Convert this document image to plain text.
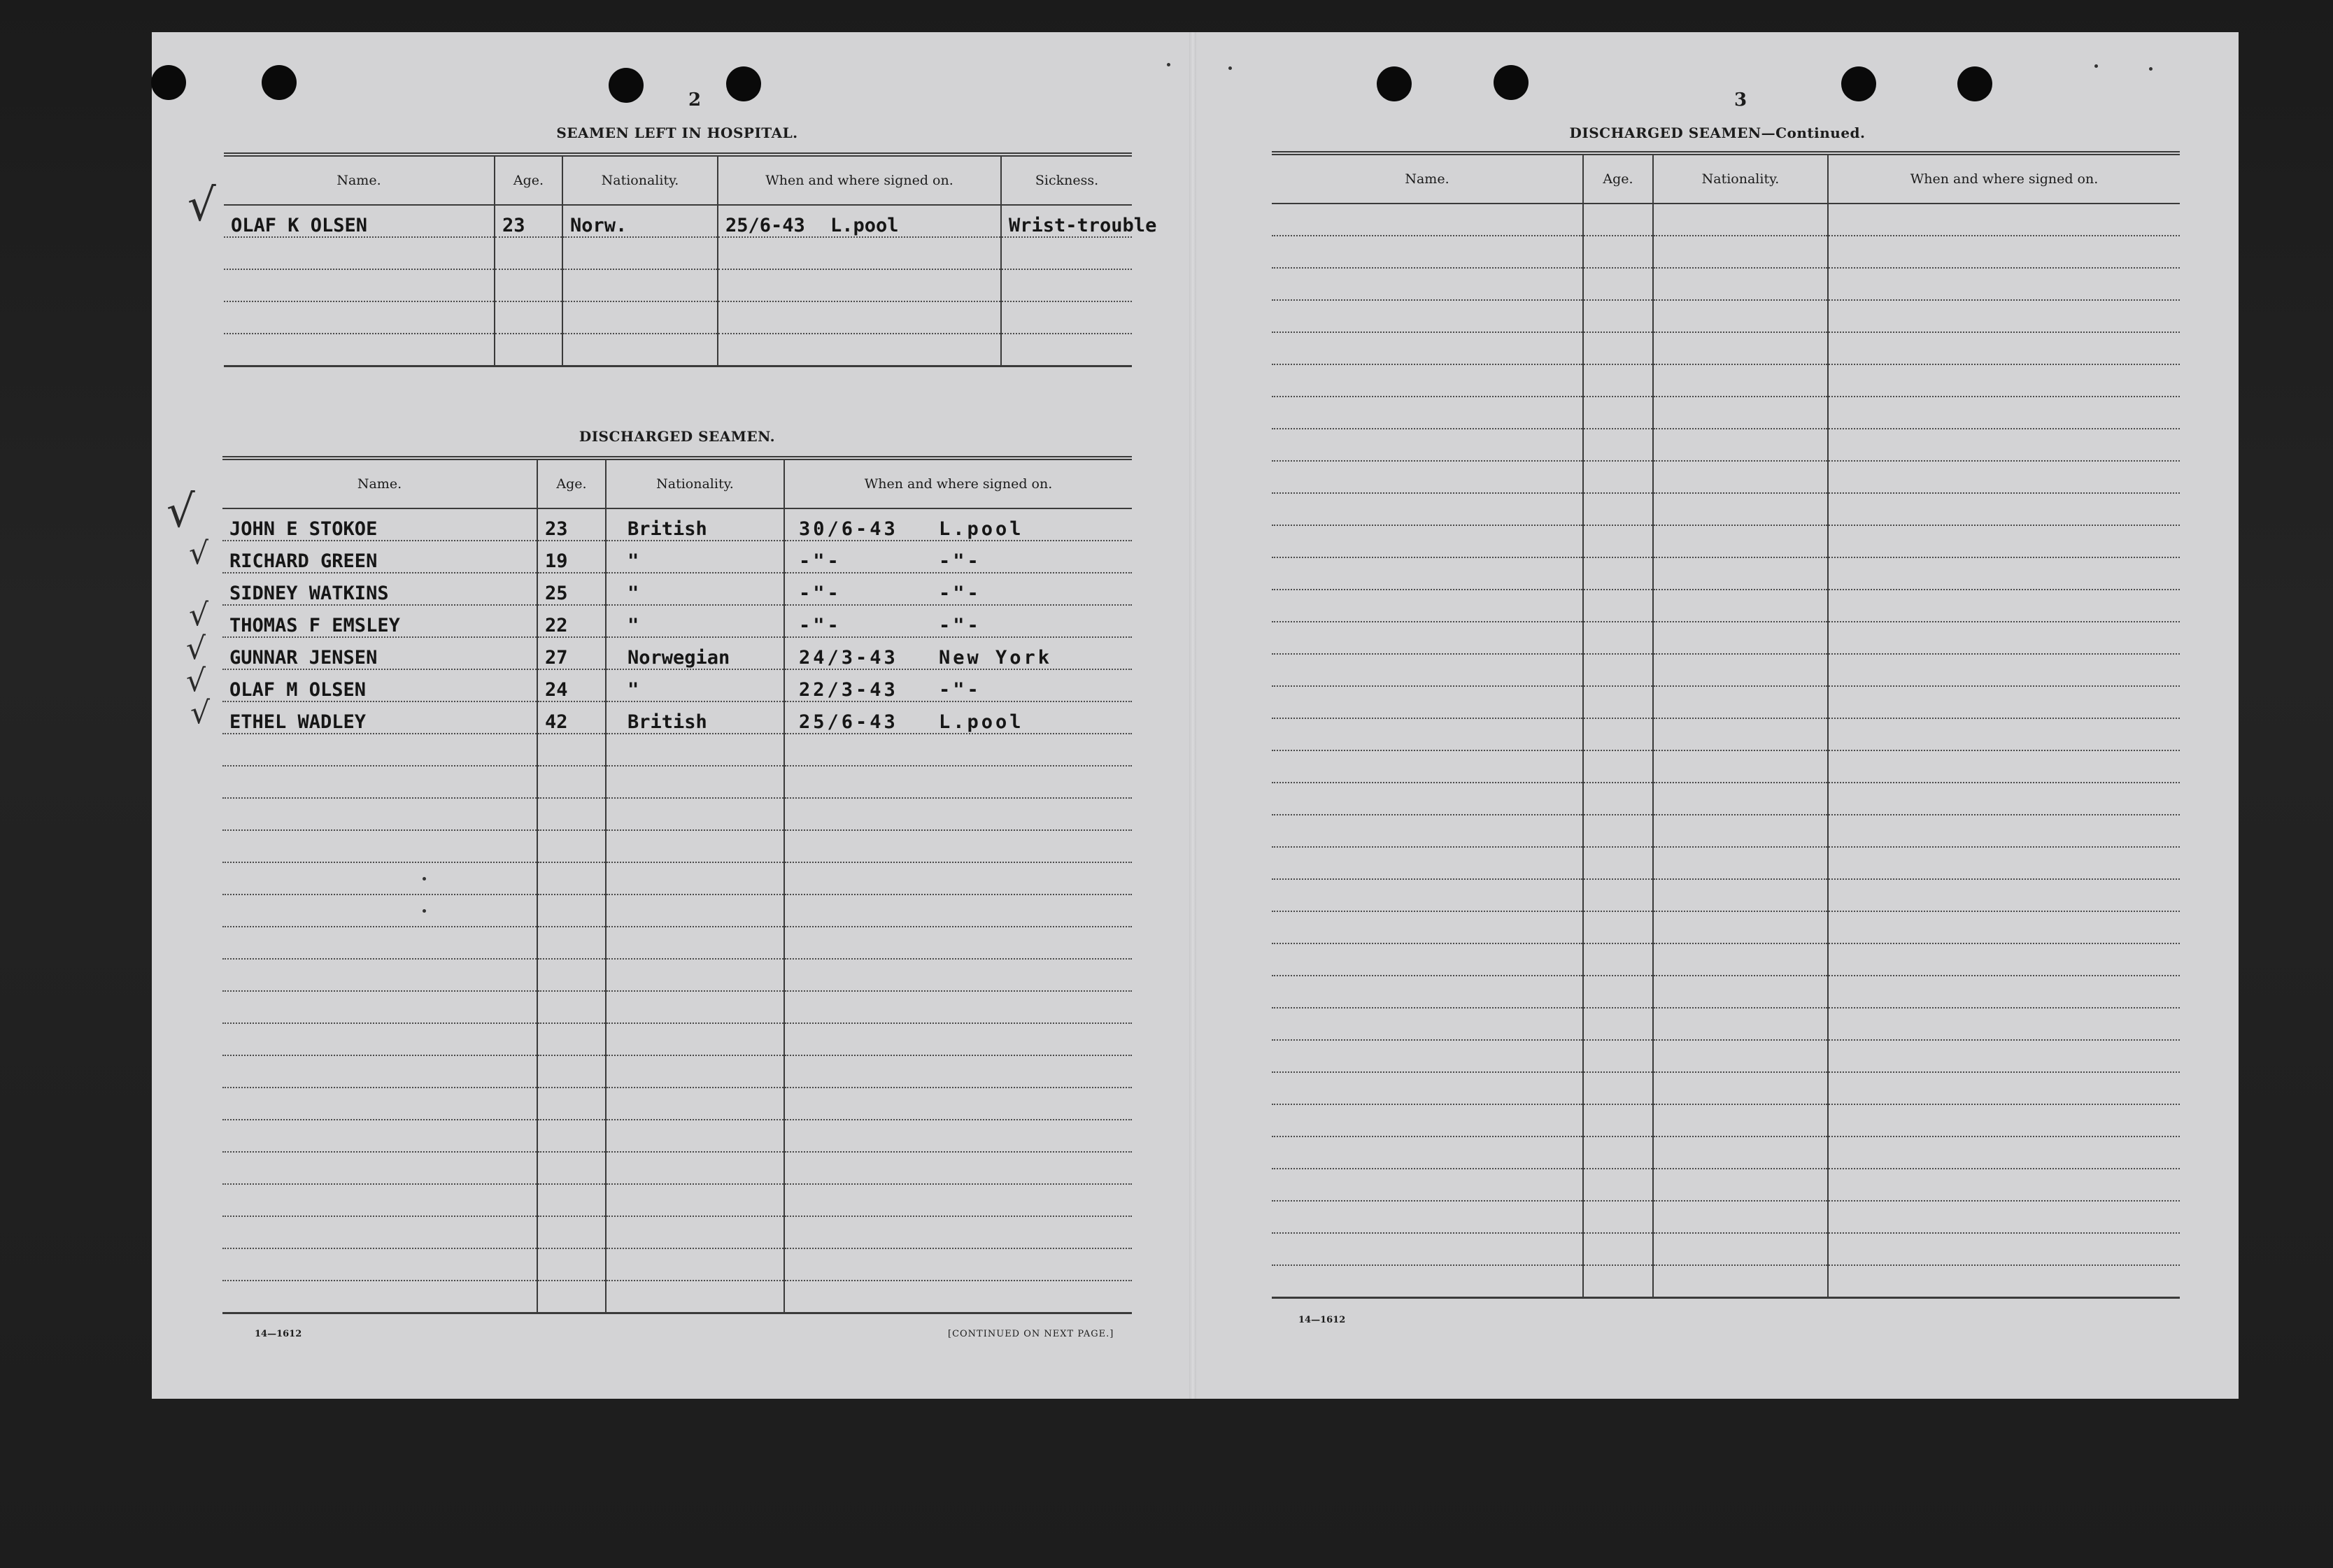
2
SEAMEN LEFT IN HOSPITAL.
Name.	Age.	Nationality.	When and where signed on.	Sickness.
OLAF K OLSEN	23	Norw.	25/6-43 L.pool	Wrist-trouble

DISCHARGED SEAMEN.
Name.	Age.	Nationality.	When and where signed on.
JOHN E STOKOE	23	British	30/6-43 L.pool
RICHARD GREEN	19	"	-"- -"-
SIDNEY WATKINS	25	"	-"- -"-
THOMAS F EMSLEY	22	"	-"- -"-
GUNNAR JENSEN	27	Norwegian	24/3-43 New York
OLAF M OLSEN	24	"	22/3-43 -"-
ETHEL WADLEY	42	British	25/6-43 L.pool

√
√
√
√
√
√
√
14—1612	[CONTINUED ON NEXT PAGE.]
3
DISCHARGED SEAMEN—Continued.
Name.	Age.	Nationality.	When and where signed on.

14—1612
